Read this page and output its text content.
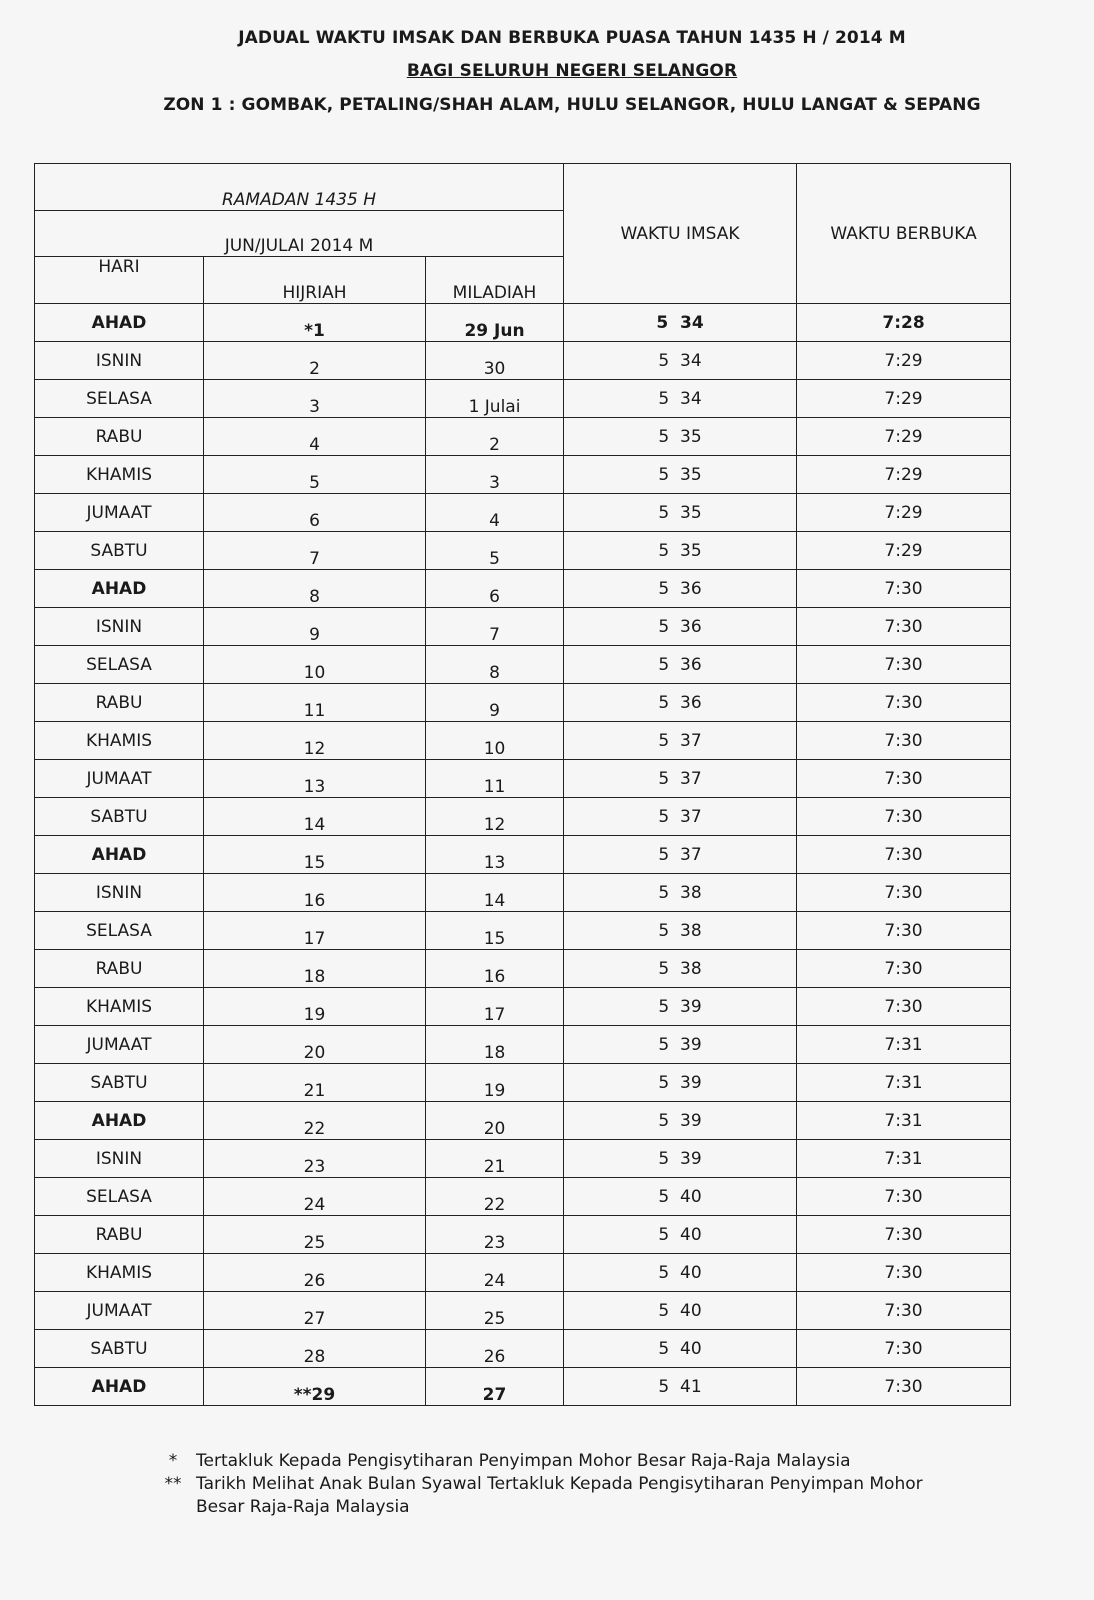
JADUAL WAKTU IMSAK DAN BERBUKA PUASA TAHUN 1435 H / 2014 M
BAGI SELURUH NEGERI SELANGOR
ZON 1 : GOMBAK, PETALING/SHAH ALAM, HULU SELANGOR, HULU LANGAT & SEPANG
RAMADAN 1435 H			WAKTU IMSAK	WAKTU BERBUKA
JUN/JULAI 2014 M				
HARI	HIJRIAH	MILADIAH		
AHAD	*1	29 Jun	5  34	7:28
ISNIN	2	30	5  34	7:29
SELASA	3	1 Julai	5  34	7:29
RABU	4	2	5  35	7:29
KHAMIS	5	3	5  35	7:29
JUMAAT	6	4	5  35	7:29
SABTU	7	5	5  35	7:29
AHAD	8	6	5  36	7:30
ISNIN	9	7	5  36	7:30
SELASA	10	8	5  36	7:30
RABU	11	9	5  36	7:30
KHAMIS	12	10	5  37	7:30
JUMAAT	13	11	5  37	7:30
SABTU	14	12	5  37	7:30
AHAD	15	13	5  37	7:30
ISNIN	16	14	5  38	7:30
SELASA	17	15	5  38	7:30
RABU	18	16	5  38	7:30
KHAMIS	19	17	5  39	7:30
JUMAAT	20	18	5  39	7:31
SABTU	21	19	5  39	7:31
AHAD	22	20	5  39	7:31
ISNIN	23	21	5  39	7:31
SELASA	24	22	5  40	7:30
RABU	25	23	5  40	7:30
KHAMIS	26	24	5  40	7:30
JUMAAT	27	25	5  40	7:30
SABTU	28	26	5  40	7:30
AHAD	**29	27	5  41	7:30
*	Tertakluk Kepada Pengisytiharan Penyimpan Mohor Besar Raja-Raja Malaysia
** Tarikh Melihat Anak Bulan Syawal Tertakluk Kepada Pengisytiharan Penyimpan Mohor Besar Raja-Raja Malaysia
